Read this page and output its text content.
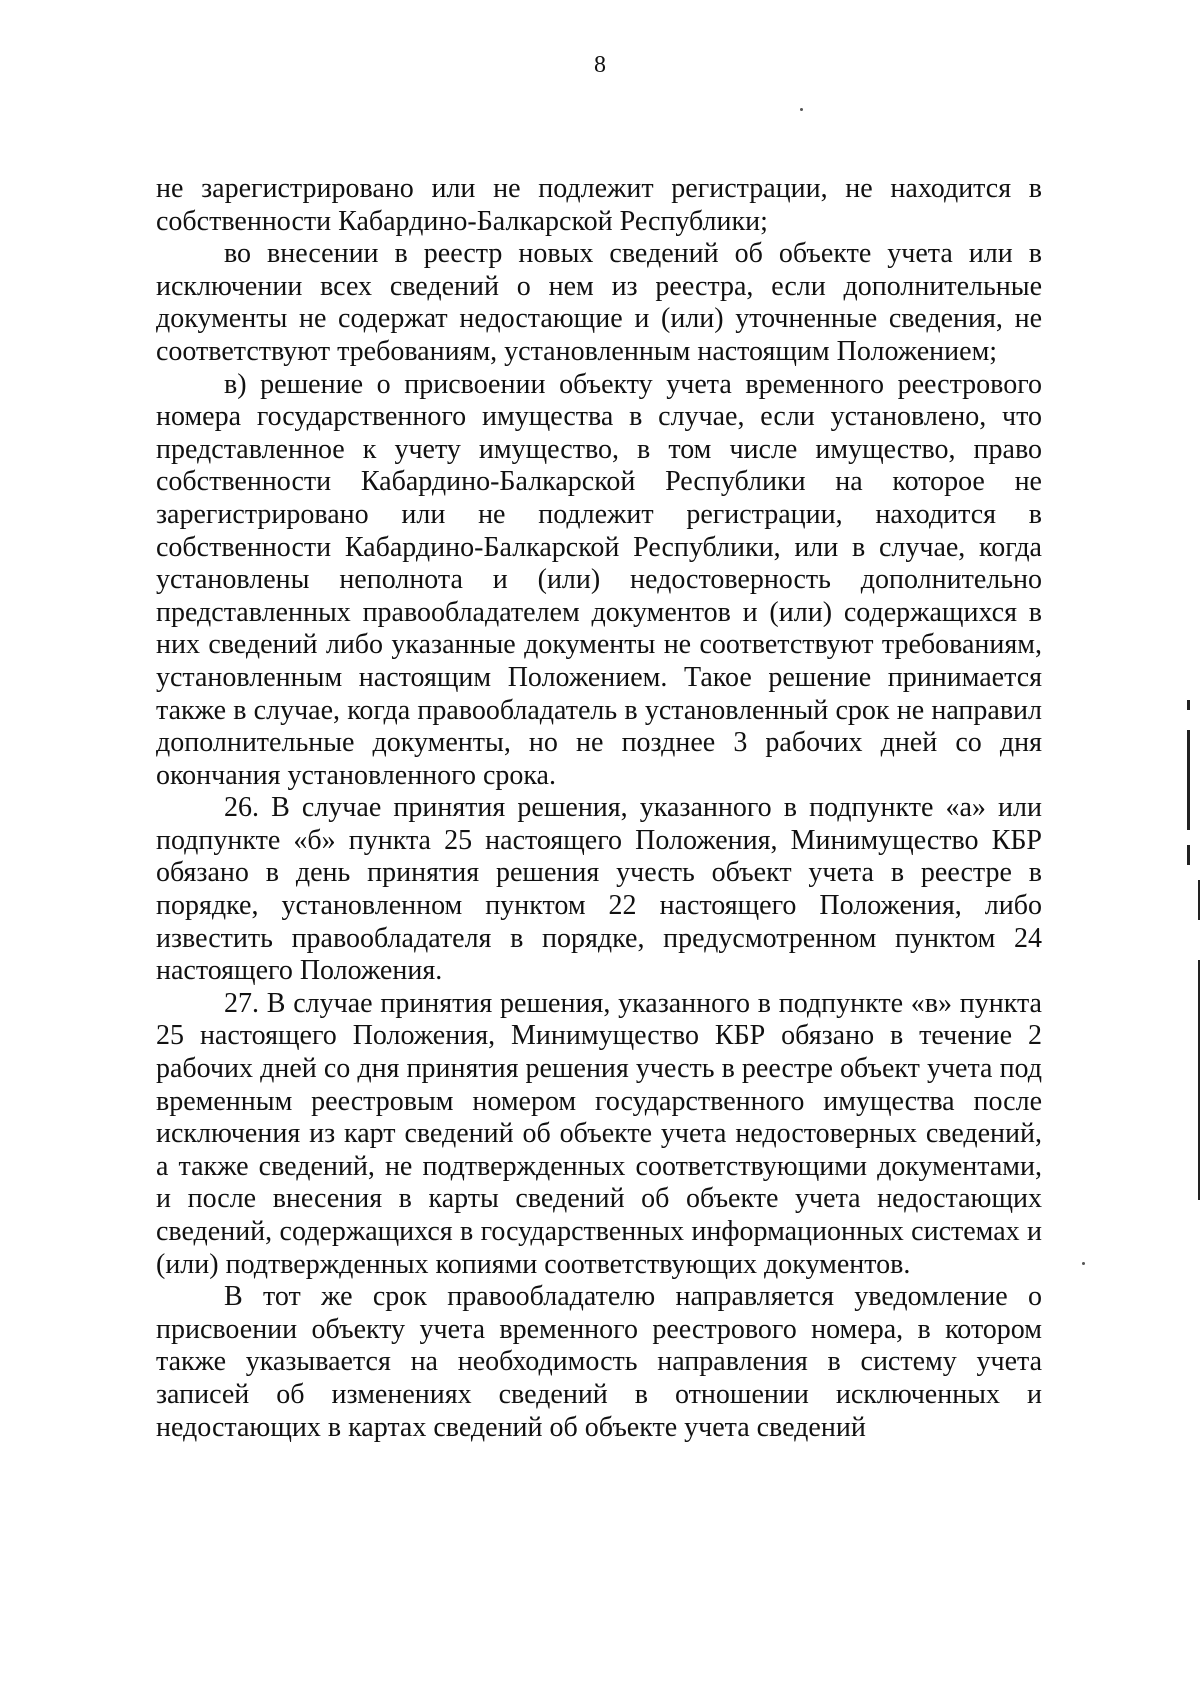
8

не зарегистрировано или не подлежит регистрации, не находится в собственности Кабардино-Балкарской Республики;

во внесении в реестр новых сведений об объекте учета или в исключении всех сведений о нем из реестра, если дополнительные документы не содержат недостающие и (или) уточненные сведения, не соответствуют требованиям, установленным настоящим Положением;

в) решение о присвоении объекту учета временного реестрового номера государственного имущества в случае, если установлено, что представленное к учету имущество, в том числе имущество, право собственности Кабардино-Балкарской Республики на которое не зарегистрировано или не подлежит регистрации, находится в собственности Кабардино-Балкарской Республики, или в случае, когда установлены неполнота и (или) недостоверность дополнительно представленных правообладателем документов и (или) содержащихся в них сведений либо указанные документы не соответствуют требованиям, установленным настоящим Положением. Такое решение принимается также в случае, когда правообладатель в установленный срок не направил дополнительные документы, но не позднее 3 рабочих дней со дня окончания установленного срока.

26. В случае принятия решения, указанного в подпункте «а» или подпункте «б» пункта 25 настоящего Положения, Минимущество КБР обязано в день принятия решения учесть объект учета в реестре в порядке, установленном пунктом 22 настоящего Положения, либо известить правообладателя в порядке, предусмотренном пунктом 24 настоящего Положения.

27. В случае принятия решения, указанного в подпункте «в» пункта 25 настоящего Положения, Минимущество КБР обязано в течение 2 рабочих дней со дня принятия решения учесть в реестре объект учета под временным реестровым номером государственного имущества после исключения из карт сведений об объекте учета недостоверных сведений, а также сведений, не подтвержденных соответствующими документами, и после внесения в карты сведений об объекте учета недостающих сведений, содержащихся в государственных информационных системах и (или) подтвержденных копиями соответствующих документов.

В тот же срок правообладателю направляется уведомление о присвоении объекту учета временного реестрового номера, в котором также указывается на необходимость направления в систему учета записей об изменениях сведений в отношении исключенных и недостающих в картах сведений об объекте учета сведений
